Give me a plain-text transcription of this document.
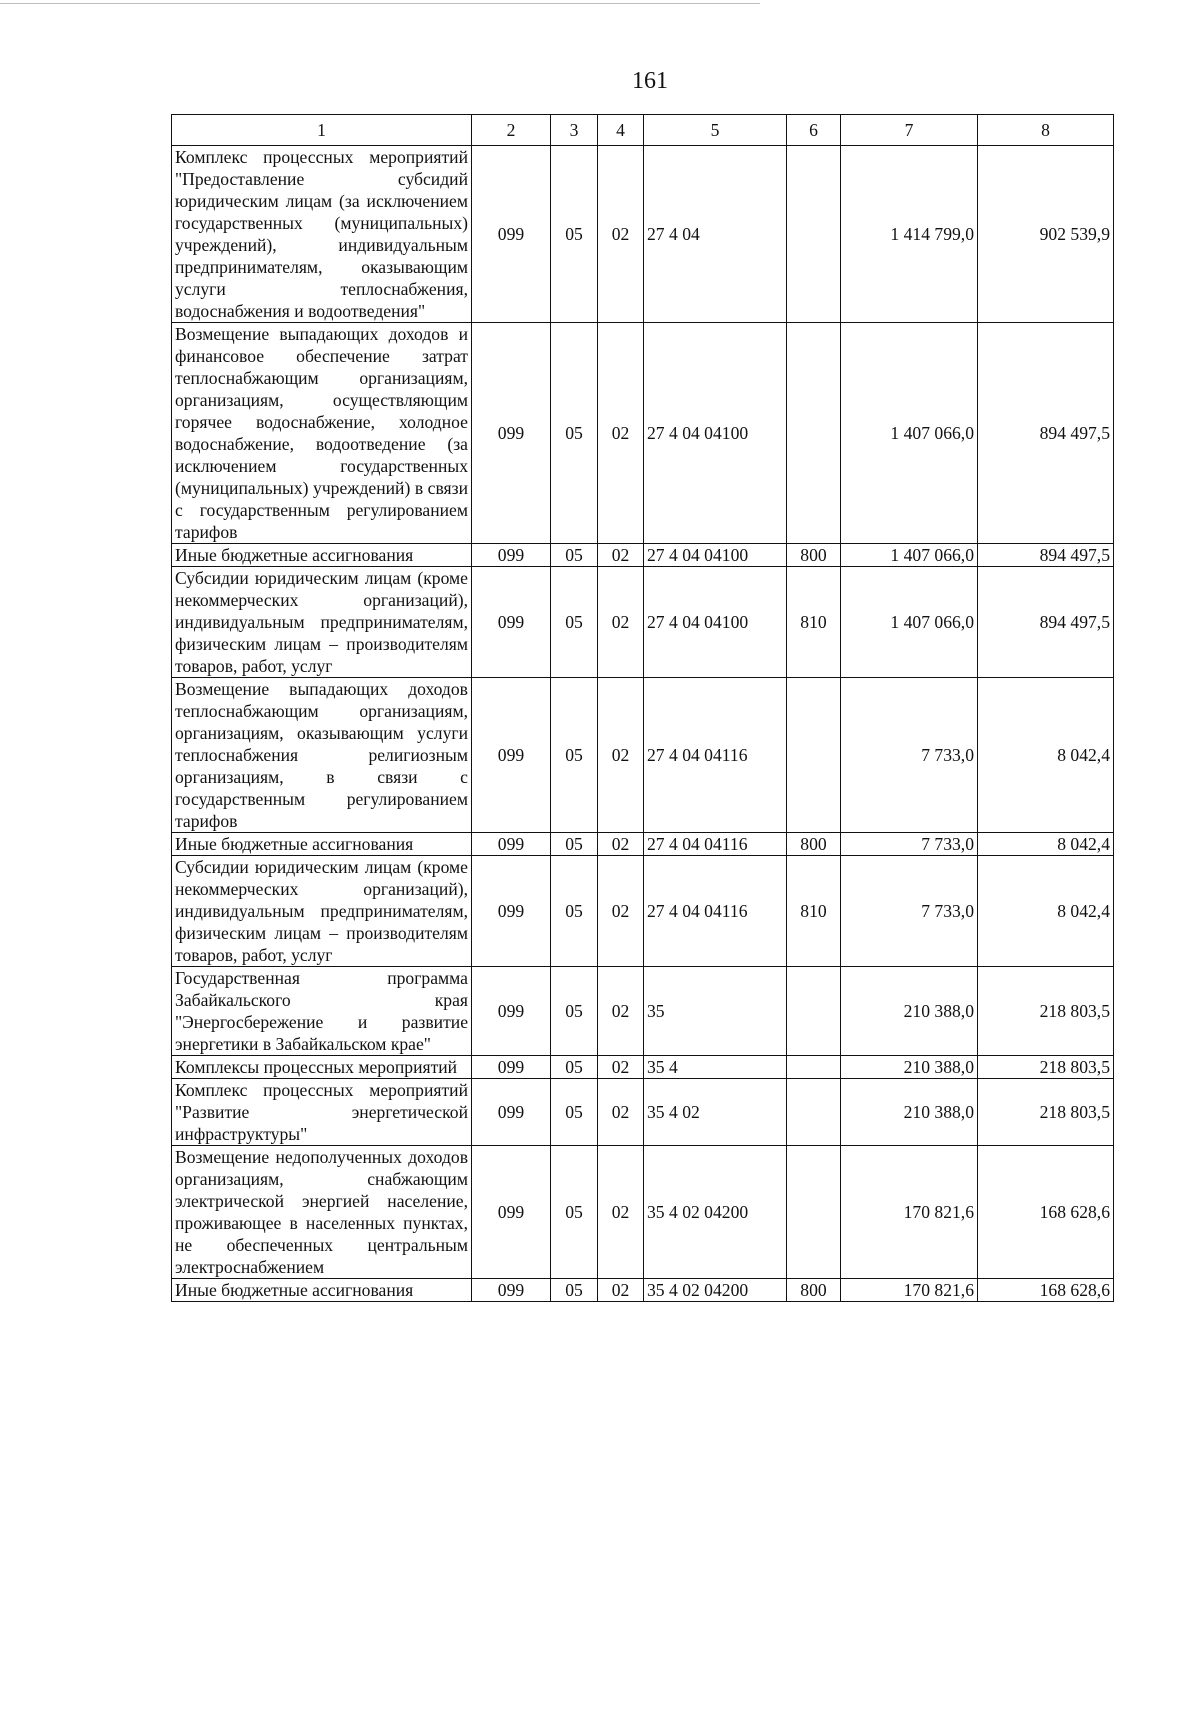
161
1	2	3	4	5	6	7	8
Комплекс процессных мероприятий "Предоставление субсидий юридическим лицам (за исключением государственных (муниципальных) учреждений), индивидуальным предпринимателям, оказывающим услуги теплоснабжения, водоснабжения и водоотведения"	099	05	02	27 4 04		1 414 799,0	902 539,9
Возмещение выпадающих доходов и финансовое обеспечение затрат теплоснабжающим организациям, организациям, осуществляющим горячее водоснабжение, холодное водоснабжение, водоотведение (за исключением государственных (муниципальных) учреждений) в связи с государственным регулированием тарифов	099	05	02	27 4 04 04100		1 407 066,0	894 497,5
Иные бюджетные ассигнования	099	05	02	27 4 04 04100	800	1 407 066,0	894 497,5
Субсидии юридическим лицам (кроме некоммерческих организаций), индивидуальным предпринимателям, физическим лицам – производителям товаров, работ, услуг	099	05	02	27 4 04 04100	810	1 407 066,0	894 497,5
Возмещение выпадающих доходов теплоснабжающим организациям, организациям, оказывающим услуги теплоснабжения религиозным организациям, в связи с государственным регулированием тарифов	099	05	02	27 4 04 04116		7 733,0	8 042,4
Иные бюджетные ассигнования	099	05	02	27 4 04 04116	800	7 733,0	8 042,4
Субсидии юридическим лицам (кроме некоммерческих организаций), индивидуальным предпринимателям, физическим лицам – производителям товаров, работ, услуг	099	05	02	27 4 04 04116	810	7 733,0	8 042,4
Государственная программа Забайкальского края "Энергосбережение и развитие энергетики в Забайкальском крае"	099	05	02	35		210 388,0	218 803,5
Комплексы процессных мероприятий	099	05	02	35 4		210 388,0	218 803,5
Комплекс процессных мероприятий "Развитие энергетической инфраструктуры"	099	05	02	35 4 02		210 388,0	218 803,5
Возмещение недополученных доходов организациям, снабжающим электрической энергией население, проживающее в населенных пунктах, не обеспеченных центральным электроснабжением	099	05	02	35 4 02 04200		170 821,6	168 628,6
Иные бюджетные ассигнования	099	05	02	35 4 02 04200	800	170 821,6	168 628,6
